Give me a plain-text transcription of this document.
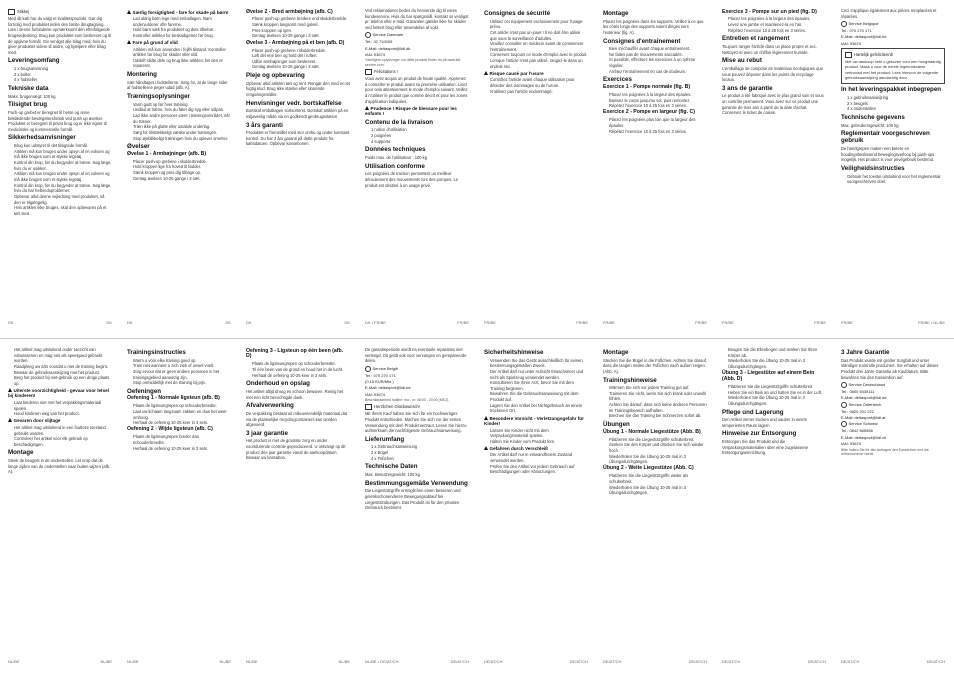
Stikkej

Med dit køb har du valgt et kvalitetsprodukt. Gør dig fortrolig med produktet inden den første ibrugtagning. Læs i denne forbindelse opmærksomt den efterfølgende brugsvejledning. Brug kun produktet som beskrevet og til de opgivne formål. Giv venligst alle bilag med, hvis du giver produktet videre til andre, og hjælpere eller bilag med.

Leveringsomfang
• 1 x brugsanvisning
• 2 x bolter
• 4 x fodsteller
Tekniske data

Maks. brugervægt: 100 kg

Tilsigtet brug

Puch-up grebet er beregnet til hente og anne beklædende bevægelsesforløb ved push up øvelser. Produktet er beregnet til privat brug og er ikke egnet til medicinske og kommercielle formål.

Sikkerhedsanvisninger
• Brug kun udstyret til det tilsigtede formål.
• Artiklen må kun bruges under opsyn af en voksen og må ikke bruges som et stykke legetøj.
• Kontrol din krop, før du begynder at træne. Søg læge, hvis du er usikker.
• Artiklen må kun bruges under opsyn af en voksen og må ikke bruges som et stykke legetøj.
• Kontrol din krop, før du begynder at træne. Søg læge, hvis du har helbredsproblemer.
• Opbevar altid denne vejledning med produktet, så den er tilgængelig.
• Hvis artiklen ikke bruges, skal den opbevares på et tørt sted.
DK	DK
Særlig forsigtighed - fare for skade på børn!
• Lad aldrig børn lege med emballagen. Børn undervurderer ofte farerne.
• Hold børn væk fra produktet og dets tilbehør.
• Kontroller artiklen for beskadigelser før brug.
Fare på grund af slid
• Artiklen må kun anvendes i fejlfri tilstand. Kontroller artiklen før brug for skader eller slid.
• Udskift slidte dele og brug ikke artiklen, før den er repareret.
Montering

Sæt håndtaget i fodstellerne. Sørg for, at de lange sider af fodstellerne peger udad (afb. A).

Træningsoplysninger
• Varm godt op før hver træning.
• Undlad at træne, hvis du føler dig syg eller utilpas.
• Lad ikke andre personer være i træningsområdet, når du træner.
• Træn ikke på glatte eller ustabile underlag.
• Sørg for tilstrækkeligt væske under træningen.
• Stop øjeblikkeligt træningen hvis du oplever smerter.
Øvelser
Øvelse 1 - Armbøjninger (afb. B)
• Placer push-up grebene i skulderbredde.
• Hold kroppen lige fra hoved til fødder.
• Sænk kroppen og pres dig tilbage op.
• Gentag øvelsen 10-25 gange i 3 sæt.
DK	DK
Øvelse 2 - Bred armbøjning (afb. C)
• Placer push-up grebene bredere end skulderbredde.
• Sænk kroppen langsomt mod gulvet.
• Pres kroppen op igen.
• Gentag øvelsen 10-25 gange i 3 sæt.
Øvelse 3 - Armbøjning på et ben (afb. D)
• Placer push-up grebene i skulderbredde.
• Løft det ene ben og hold det i luften.
• Udfør armbøjninger som beskrevet.
• Gentag øvelsen 10-25 gange i 3 sæt.
Pleje og opbevaring

Opbevar altid artiklen tørt og rent. Rengør den med en let fugtig klud. Brug ikke stærke eller skurende rengøringsmidler.

Henvisninger vedr. bortskaffelse

Bortskaf emballagen sortsorteret. Bortskaf artiklen på en miljøvenlig måde via en godkendt genbrugsstation.

3 års garanti

Produktet er fremstillet med stor omhu og under konstant kontrol. Du har 3 års garanti på dette produkt fra købsdatoen. Opbevar kassebonen.

DK	DK

Ved reklamationer bedes du henvende dig til vores kundeservice. Hvis du har spørgsmål, kontakt os venligst pr. telefon eller e-mail. Garantien gælder ikke for skader ved forkert brug eller anvendelse af vold.

Service Danmark
Tel.: 32 710005
E-Mail: deltasport@lidl.dk
IAN: 93674

Yderligere oplysninger om dette produkt finder du på www.lidl-service.com.

Félicitations !

Vous avez acquis un produit de haute qualité. Apprenez à connaître le produit avant sa première utilisation. Lisez pour cela attentivement le mode d'emploi suivant. Veillez à n'utiliser le produit que comme décrit et pour les zones d'application indiquées.

Prudence ! Risque de blessure pour les enfants !
Contenu de la livraison
• 1 notice d'utilisation
• 2 poignées
• 4 supports
Données techniques

Poids max. de l'utilisateur : 100 kg

Utilisation conforme

Les poignées de traction permettent un meilleur déroulement des mouvements lors des pompes. Le produit est destiné à un usage privé.

DK • FR/BE	FR/BE
Consignes de sécurité
• Utilisez cet équipement exclusivement pour l'usage prévu.
• Cet article n'est pas un jouet ! Il ne doit être utilisé que sous la surveillance d'adultes.
• Veuillez consulter un médecin avant de commencer l'entraînement.
• Conservez toujours ce mode d'emploi avec le produit.
• Lorsque l'article n'est pas utilisé, rangez-le dans un endroit sec.
Risque causé par l'usure
• Contrôlez l'article avant chaque utilisation pour détecter des dommages ou de l'usure.
• N'utilisez pas l'article endommagé.
FR/BE	FR/BE
Montage

Placez les poignées dans les supports. Veillez à ce que les côtés longs des supports soient dirigés vers l'extérieur (fig. A).

Consignes d'entraînement
• Bien s'échauffer avant chaque entraînement.
• Ne faites pas de mouvements saccadés.
• Si possible, effectuez les exercices à un rythme régulier.
• Arrêtez l'entraînement en cas de douleurs.
Exercices
Exercice 1 - Pompe normale (fig. B)
• Placez les poignées à la largeur des épaules.
• Baissez le corps jusqu'au sol, puis remontez.
• Répétez l'exercice 10 à 25 fois en 3 séries.
Exercice 2 - Pompe en largeur (fig. C)
• Placez les poignées plus loin que la largeur des épaules.
• Répétez l'exercice 10 à 25 fois en 3 séries.
FR/BE	FR/BE
Exercice 3 - Pompe sur un pied (fig. D)
• Placez les poignées à la largeur des épaules.
• Levez une jambe et maintenez-la en l'air.
• Répétez l'exercice 10 à 25 fois en 3 séries.
Entretien et rangement

Toujours ranger l'article dans un place propre et sec. Nettoyez-le avec un chiffon légèrement humide.

Mise au rebut

L'emballage se compose de matériaux écologiques que vous pouvez déposer dans les points de recyclage locaux.

3 ans de garantie

Le produit a été fabriqué avec le plus grand soin et sous un contrôle permanent. Vous avez sur ce produit une garantie de trois ans à partir de la date d'achat. Conservez le ticket de caisse.

FR/BE	FR/BE

Ceci s'applique également aux pièces remplacées et réparées.

Service Belgique
Tel.: 070 270 171
E-Mail: deltasport@lidl.be
IAN: 93674
Hartelijk gefeliciteerd!

Met uw aankoop hebt u gekozen voor een hoogwaardig product. Maak u voor de eerste ingebruikname vertrouwd met het product. Lees hiervoor de volgende gebruiksaanwijzing aandachtig door.

In het leveringspakket inbegrepen
• 1 x gebruiksaanwijzing
• 2 x beugels
• 4 x onderstellen
Technische gegevens

Max. gebruikersgewicht: 100 kg

Reglementair voorgeschreven gebruik

De handgrepen maken een betere en houdingsbeslissend bewegingsverloop bij push-ups mogelijk. Het product is voor privégebruik bestemd.

Veiligheidsinstructies
• Gebruik het toestel uitsluitend voor het reglementair voorgeschreven doel.
FR/BE	FR/BE • NL/BE
• Het artikel mag uitsluitend onder toezicht van volwassenen en mag niet als speelgoed gebruikt worden.
• Raadpleeg uw arts voordat u met de training begint.
• Bewaar de gebruiksaanwijzing met het product.
• Berg het product bij niet-gebruik op een droge plaats op.
Uiterste voorzichtigheid - gevaar voor letsel bij kinderen!
• Laat kinderen niet met het verpakkingsmateriaal spelen.
• Houd kinderen weg van het product.
Gevaren door slijtage
• Het artikel mag uitsluitend in een foutloze toestand gebruikt worden.
• Controleer het artikel vóór elk gebruik op beschadigingen.
Montage

Steek de beugels in de onderstellen. Let erop dat de lange zijden van de onderstellen naar buiten wijzen (afb. A).

NL/BE	NL/BE
Trainingsinstructies
• Warm u vóór elke training goed op.
• Train niet wanneer u zich ziek of onwel voelt.
• Zorg ervoor dat er geen andere personen in het trainingsgebied aanwezig zijn.
• Stop onmiddellijk met de training bij pijn.
Oefeningen
Oefening 1 - Normale ligsteun (afb. B)
• Plaats de ligsteungrepen op schouderbreedte.
• Laat uw lichaam langzaam zakken en duw het weer omhoog.
• Herhaal de oefening 10-25 keer in 3 sets.
Oefening 2 - Wijde ligsteun (afb. C)
• Plaats de ligsteungrepen breder dan schouderbreedte.
• Herhaal de oefening 10-25 keer in 3 sets.
NL/BE	NL/BE
Oefening 3 - Ligsteun op één been (afb. D)
• Plaats de ligsteungrepen op schouderbreedte.
• Til één been van de grond en houd het in de lucht.
• Herhaal de oefening 10-25 keer in 3 sets.
Onderhoud en opslag

Het artikel altijd droog en schoon bewaren. Reinig het met een licht bevochtigde doek.

Afvalverwerking

De verpakking bestaat uit milieuvriendelijk materiaal dat via de plaatselijke recyclingcontainers kan worden afgevoerd.

3 jaar garantie

Het product is met de grootste zorg en onder voortdurende controle geproduceerd. U ontvangt op dit product drie jaar garantie vanaf de aankoopdatum. Bewaar uw kassabon.

NL/BE	NL/BE

De garantieperiode wordt na eventuele reparaties niet verlengd. Dit geldt ook voor vervangen en gerepareerde delen.

Service België
Tel.: 070 270 171
(0,15 EUR/Min.)
E-Mail: deltasport@lidl.be
IAN: 93674

Beschikbaarheid hotline: ma - vr: 08:00 - 20:00 (MEZ).

Herzlichen Glückwunsch!

Mit Ihrem Kauf haben Sie sich für ein hochwertiges Produkt entschieden. Machen Sie sich vor der ersten Verwendung mit dem Produkt vertraut. Lesen Sie hierzu aufmerksam die nachfolgende Gebrauchsanweisung.

Lieferumfang
• 1 x Gebrauchsanweisung
• 2 x Bügel
• 4 x Füßchen
Technische Daten

Max. Benutzergewicht: 100 kg

Bestimmungsgemäße Verwendung

Die Liegestützgriffe ermöglichen einen besseren und gelenkschonenderen Bewegungsablauf bei Liegestützübungen. Das Produkt ist für den privaten Gebrauch bestimmt.

NL/BE • DE/AT/CH	DE/AT/CH
Sicherheitshinweise
• Verwenden Sie das Gerät ausschließlich für seinen bestimmungsgemäßen Zweck.
• Der Artikel darf nur unter Aufsicht Erwachsener und nicht als Spielzeug verwendet werden.
• Konsultieren Sie Ihren Arzt, bevor Sie mit dem Training beginnen.
• Bewahren Sie die Gebrauchsanweisung mit dem Produkt auf.
• Lagern Sie den Artikel bei Nichtgebrauch an einem trockenen Ort.
Besondere Vorsicht - Verletzungsgefahr für Kinder!
• Lassen Sie Kinder nicht mit dem Verpackungsmaterial spielen.
• Halten Sie Kinder vom Produkt fern.
Gefahren durch Verschleiß
• Der Artikel darf nur in einwandfreiem Zustand verwendet werden.
• Prüfen Sie den Artikel vor jedem Gebrauch auf Beschädigungen oder Abnutzungen.
DE/AT/CH	DE/AT/CH
Montage

Stecken Sie die Bügel in die Füßchen. Achten Sie darauf, dass die langen Seiten der Füßchen nach außen zeigen (Abb. A).

Trainingshinweise
• Wärmen Sie sich vor jedem Training gut auf.
• Trainieren Sie nicht, wenn Sie sich krank oder unwohl fühlen.
• Achten Sie darauf, dass sich keine anderen Personen im Trainingsbereich aufhalten.
• Brechen Sie das Training bei Schmerzen sofort ab.
Übungen
Übung 1 - Normale Liegestütze (Abb. B)
• Platzieren Sie die Liegestützgriffe schulterbreit.
• Senken Sie den Körper und drücken Sie sich wieder hoch.
• Wiederholen Sie die Übung 10-25 mal in 3 Übungsdurchgängen.
Übung 2 - Weite Liegestütze (Abb. C)
• Platzieren Sie die Liegestützgriffe weiter als schulterbreit.
• Wiederholen Sie die Übung 10-25 mal in 3 Übungsdurchgängen.
DE/AT/CH	DE/AT/CH
• Beugen Sie die Ellenbogen und senken Sie Ihren Körper ab.
• Wiederholen Sie die Übung 10-25 mal in 3 Übungsdurchgängen.
Übung 3 - Liegestütze auf einem Bein (Abb. D)
• Platzieren Sie die Liegestützgriffe schulterbreit.
• Heben Sie ein Bein an und halten Sie es in der Luft.
• Wiederholen Sie die Übung 10-25 mal in 3 Übungsdurchgängen.
Pflege und Lagerung

Den Artikel immer trocken und sauber in einem temperierten Raum lagern.

Hinweise zur Entsorgung

Entsorgen Sie das Produkt und die Verpackungsmaterialien über eine zugelassene Entsorgungseinrichtung.

DE/AT/CH	DE/AT/CH
3 Jahre Garantie

Das Produkt wurde mit großer Sorgfalt und unter ständiger Kontrolle produziert. Sie erhalten auf dieses Produkt drei Jahre Garantie ab Kaufdatum. Bitte bewahren Sie den Kassenbon auf.

Service Deutschland
Tel.: 0800 5435111
E-Mail: deltasport@lidl.de
Service Österreich
Tel.: 0820 201 222
E-Mail: deltasport@lidl.at
Service Schweiz
Tel.: 0842 665566
E-Mail: deltasport@lidl.ch
IAN: 93674

Bitte halten Sie für alle Anfragen den Kassenbon und die Artikelnummer bereit.

DE/AT/CH	DE/AT/CH
